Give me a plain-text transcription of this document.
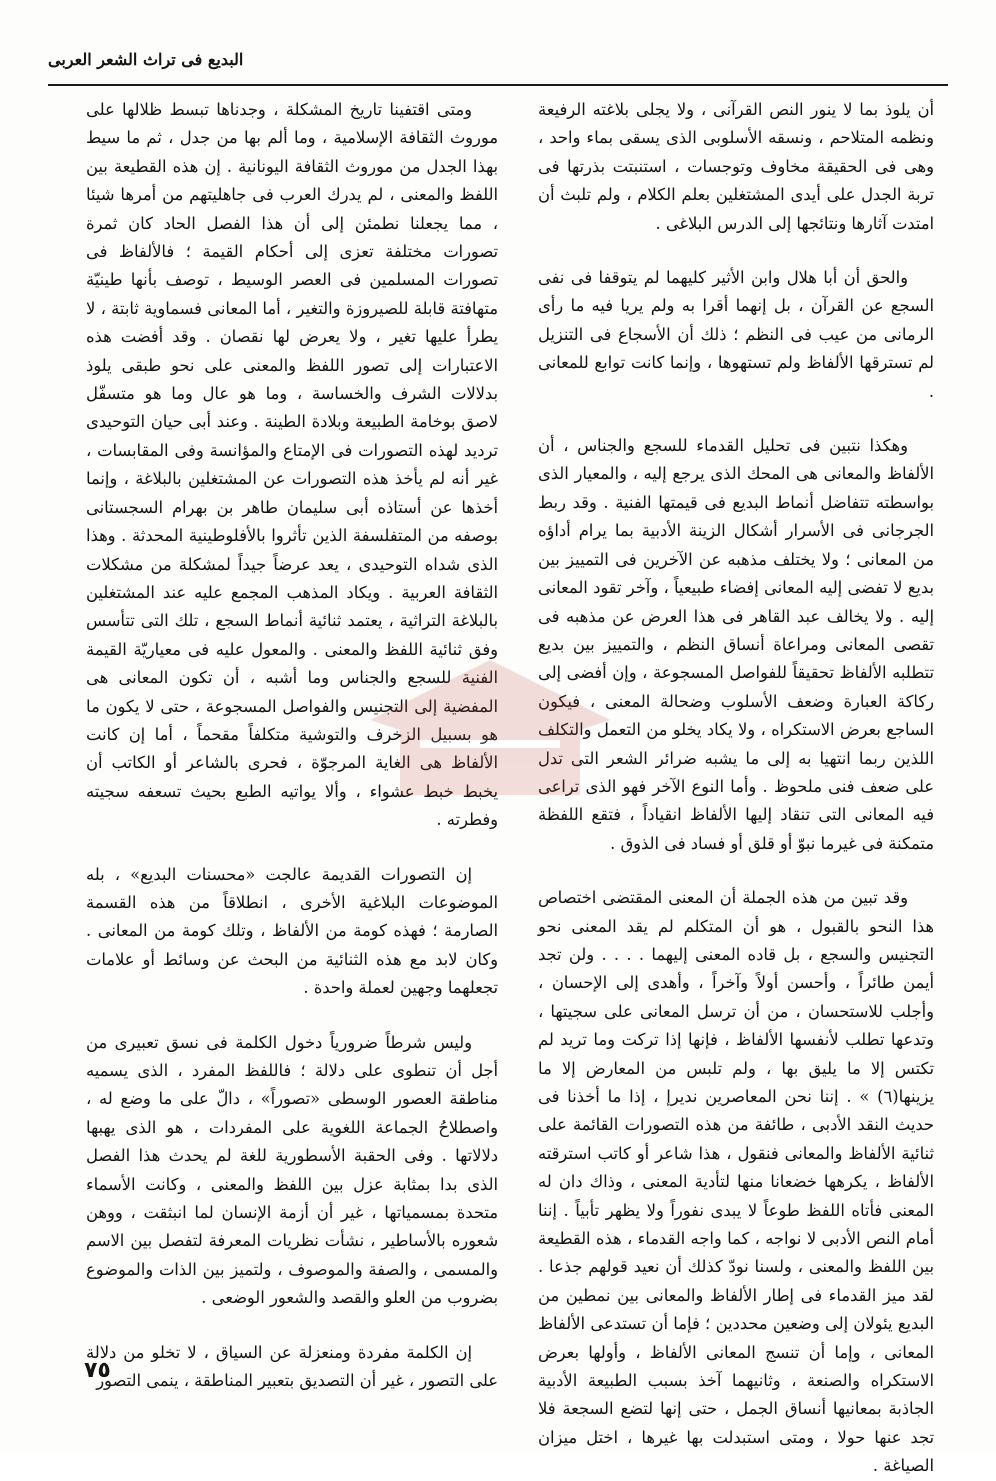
البديع فى تراث الشعر العربى

أن يلوذ بما لا ينور النص القرآنى ، ولا يجلى بلاغته الرفيعة ونظمه المتلاحم ، ونسقه الأسلوبى الذى يسقى بماء واحد ، وهى فى الحقيقة مخاوف وتوجسات ، استنبتت بذرتها فى تربة الجدل على أيدى المشتغلين بعلم الكلام ، ولم تلبث أن امتدت آثارها ونتائجها إلى الدرس البلاغى .

والحق أن أبا هلال وابن الأثير كليهما لم يتوقفا فى نفى السجع عن القرآن ، بل إنهما أقرا به ولم يريا فيه ما رأى الرمانى من عيب فى النظم ؛ ذلك أن الأسجاع فى التنزيل لم تسترقها الألفاظ ولم تستهوها ، وإنما كانت توابع للمعانى .

وهكذا نتبين فى تحليل القدماء للسجع والجناس ، أن الألفاظ والمعانى هى المحك الذى يرجع إليه ، والمعيار الذى بواسطته تتفاضل أنماط البديع فى قيمتها الفنية . وقد ربط الجرجانى فى الأسرار أشكال الزينة الأدبية بما يرام أداؤه من المعانى ؛ ولا يختلف مذهبه عن الآخرين فى التمييز بين بديع لا تفضى إليه المعانى إفضاء طبيعياً ، وآخر تقود المعانى إليه . ولا يخالف عبد القاهر فى هذا العرض عن مذهبه فى تقصى المعانى ومراعاة أنساق النظم ، والتمييز بين بديع تتطلبه الألفاظ تحقيقاً للفواصل المسجوعة ، وإن أفضى إلى ركاكة العبارة وضعف الأسلوب وضحالة المعنى ، فيكون الساجع بعرض الاستكراه ، ولا يكاد يخلو من التعمل والتكلف اللذين ربما انتهيا به إلى ما يشبه ضرائر الشعر التى تدل على ضعف فنى ملحوظ . وأما النوع الآخر فهو الذى تراعى فيه المعانى التى تنقاد إليها الألفاظ انقياداً ، فتقع اللفظة متمكنة فى غيرما نبوّ أو قلق أو فساد فى الذوق .

وقد تبين من هذه الجملة أن المعنى المقتضى اختصاص هذا النحو بالقبول ، هو أن المتكلم لم يقد المعنى نحو التجنيس والسجع ، بل قاده المعنى إليهما . . . . ولن تجد أيمن طائراً ، وأحسن أولاً وآخراً ، وأهدى إلى الإحسان ، وأجلب للاستحسان ، من أن ترسل المعانى على سجيتها ، وتدعها تطلب لأنفسها الألفاظ ، فإنها إذا تركت وما تريد لم تكتس إلا ما يليق بها ، ولم تلبس من المعارض إلا ما يزينها(٦) » . إننا نحن المعاصرين نديرإ ، إذا ما أخذنا فى حديث النقد الأدبى ، طائفة من هذه التصورات القائمة على ثنائية الألفاظ والمعانى فنقول ، هذا شاعر أو كاتب استرقته الألفاظ ، يكرهها خضعانا منها لتأدية المعنى ، وذاك دان له المعنى فأتاه اللفظ طوعاً لا يبدى نفوراً ولا يظهر تأبياً . إننا أمام النص الأدبى لا نواجه ، كما واجه القدماء ، هذه القطيعة بين اللفظ والمعنى ، ولسنا نودّ كذلك أن نعيد قولهم جذعا . لقد ميز القدماء فى إطار الألفاظ والمعانى بين نمطين من البديع يئولان إلى وضعين محددين ؛ فإما أن تستدعى الألفاظ المعانى ، وإما أن تنسج المعانى الألفاظ ، وأولها بعرض الاستكراه والصنعة ، وثانيهما آخذ بسبب الطبيعة الأدبية الجاذبة بمعانيها أنساق الجمل ، حتى إنها لتضع السجعة فلا تجد عنها حولا ، ومتى استبدلت بها غيرها ، اختل ميزان الصياغة .

ومتى اقتفينا تاريخ المشكلة ، وجدناها تبسط ظلالها على موروث الثقافة الإسلامية ، وما ألم بها من جدل ، ثم ما سيط بهذا الجدل من موروث الثقافة اليونانية . إن هذه القطيعة بين اللفظ والمعنى ، لم يدرك العرب فى جاهليتهم من أمرها شيئا ، مما يجعلنا نطمئن إلى أن هذا الفصل الحاد كان ثمرة تصورات مختلفة تعزى إلى أحكام القيمة ؛ فالألفاظ فى تصورات المسلمين فى العصر الوسيط ، توصف بأنها طينيّة متهافتة قابلة للصيروزة والتغير ، أما المعانى فسماوية ثابتة ، لا يطرأ عليها تغير ، ولا يعرض لها نقصان . وقد أفضت هذه الاعتبارات إلى تصور اللفظ والمعنى على نحو طبقى يلوذ بدلالات الشرف والخساسة ، وما هو عال وما هو متسفّل لاصق بوخامة الطبيعة وبلادة الطينة . وعند أبى حيان التوحيدى ترديد لهذه التصورات فى الإمتاع والمؤانسة وفى المقابسات ، غير أنه لم يأخذ هذه التصورات عن المشتغلين بالبلاغة ، وإنما أخذها عن أستاذه أبى سليمان طاهر بن بهرام السجستانى بوصفه من المتفلسفة الذين تأثروا بالأفلوطينية المحدثة . وهذا الذى شداه التوحيدى ، يعد عرضاً جيداً لمشكلة من مشكلات الثقافة العربية . ويكاد المذهب المجمع عليه عند المشتغلين بالبلاغة التراثية ، يعتمد ثنائية أنماط السجع ، تلك التى تتأسس وفق ثنائية اللفظ والمعنى . والمعول عليه فى معياريّة القيمة الفنية للسجع والجناس وما أشبه ، أن تكون المعانى هى المفضية إلى التجنيس والفواصل المسجوعة ، حتى لا يكون ما هو بسبيل الزخرف والتوشية متكلفاً مقحماً ، أما إن كانت الألفاظ هى الغاية المرجوّة ، فحرى بالشاعر أو الكاتب أن يخبط خبط عشواء ، وألا يواتيه الطبع بحيث تسعفه سجيته وفطرته .

إن التصورات القديمة عالجت «محسنات البديع» ، بله الموضوعات البلاغية الأخرى ، انطلاقاً من هذه القسمة الصارمة ؛ فهذه كومة من الألفاظ ، وتلك كومة من المعانى . وكان لابد مع هذه الثنائية من البحث عن وسائط أو علامات تجعلهما وجهين لعملة واحدة .

وليس شرطاً ضرورياً دخول الكلمة فى نسق تعبيرى من أجل أن تنطوى على دلالة ؛ فاللفظ المفرد ، الذى يسميه مناطقة العصور الوسطى «تصوراً» ، دالّ على ما وضع له ، واصطلاحُ الجماعة اللغوية على المفردات ، هو الذى يهبها دلالاتها . وفى الحقبة الأسطورية للغة لم يحدث هذا الفصل الذى بدا بمثابة عزل بين اللفظ والمعنى ، وكانت الأسماء متحدة بمسمياتها ، غير أن أزمة الإنسان لما انبثقت ، ووهن شعوره بالأساطير ، نشأت نظريات المعرفة لتفصل بين الاسم والمسمى ، والصفة والموصوف ، ولتميز بين الذات والموضوع بضروب من العلو والقصد والشعور الوضعى .

إن الكلمة مفردة ومنعزلة عن السياق ، لا تخلو من دلالة على التصور ، غير أن التصديق بتعبير المناطقة ، ينمى التصور

٧٥
